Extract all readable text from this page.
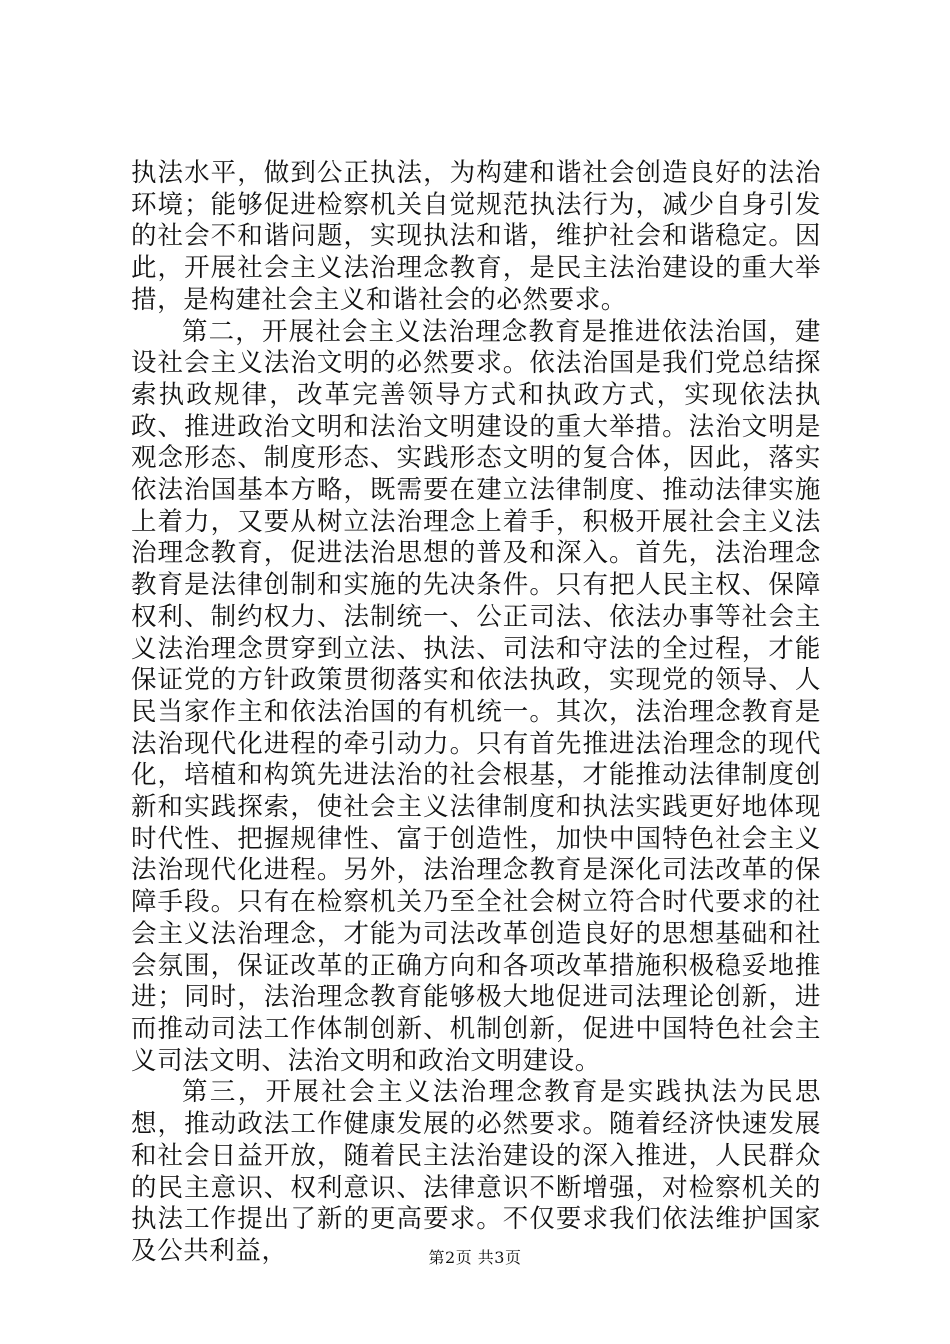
执法水平，做到公正执法，为构建和谐社会创造良好的法治环境；能够促进检察机关自觉规范执法行为，减少自身引发的社会不和谐问题，实现执法和谐，维护社会和谐稳定。因此，开展社会主义法治理念教育，是民主法治建设的重大举措，是构建社会主义和谐社会的必然要求。

第二，开展社会主义法治理念教育是推进依法治国，建设社会主义法治文明的必然要求。依法治国是我们党总结探索执政规律，改革完善领导方式和执政方式，实现依法执政、推进政治文明和法治文明建设的重大举措。法治文明是观念形态、制度形态、实践形态文明的复合体，因此，落实依法治国基本方略，既需要在建立法律制度、推动法律实施上着力，又要从树立法治理念上着手，积极开展社会主义法治理念教育，促进法治思想的普及和深入。首先，法治理念教育是法律创制和实施的先决条件。只有把人民主权、保障权利、制约权力、法制统一、公正司法、依法办事等社会主义法治理念贯穿到立法、执法、司法和守法的全过程，才能保证党的方针政策贯彻落实和依法执政，实现党的领导、人民当家作主和依法治国的有机统一。其次，法治理念教育是法治现代化进程的牵引动力。只有首先推进法治理念的现代化，培植和构筑先进法治的社会根基，才能推动法律制度创新和实践探索，使社会主义法律制度和执法实践更好地体现时代性、把握规律性、富于创造性，加快中国特色社会主义法治现代化进程。另外，法治理念教育是深化司法改革的保障手段。只有在检察机关乃至全社会树立符合时代要求的社会主义法治理念，才能为司法改革创造良好的思想基础和社会氛围，保证改革的正确方向和各项改革措施积极稳妥地推进；同时，法治理念教育能够极大地促进司法理论创新，进而推动司法工作体制创新、机制创新，促进中国特色社会主义司法文明、法治文明和政治文明建设。

第三，开展社会主义法治理念教育是实践执法为民思想，推动政法工作健康发展的必然要求。随着经济快速发展和社会日益开放，随着民主法治建设的深入推进，人民群众的民主意识、权利意识、法律意识不断增强，对检察机关的执法工作提出了新的更高要求。不仅要求我们依法维护国家及公共利益，	第2页 共3页
